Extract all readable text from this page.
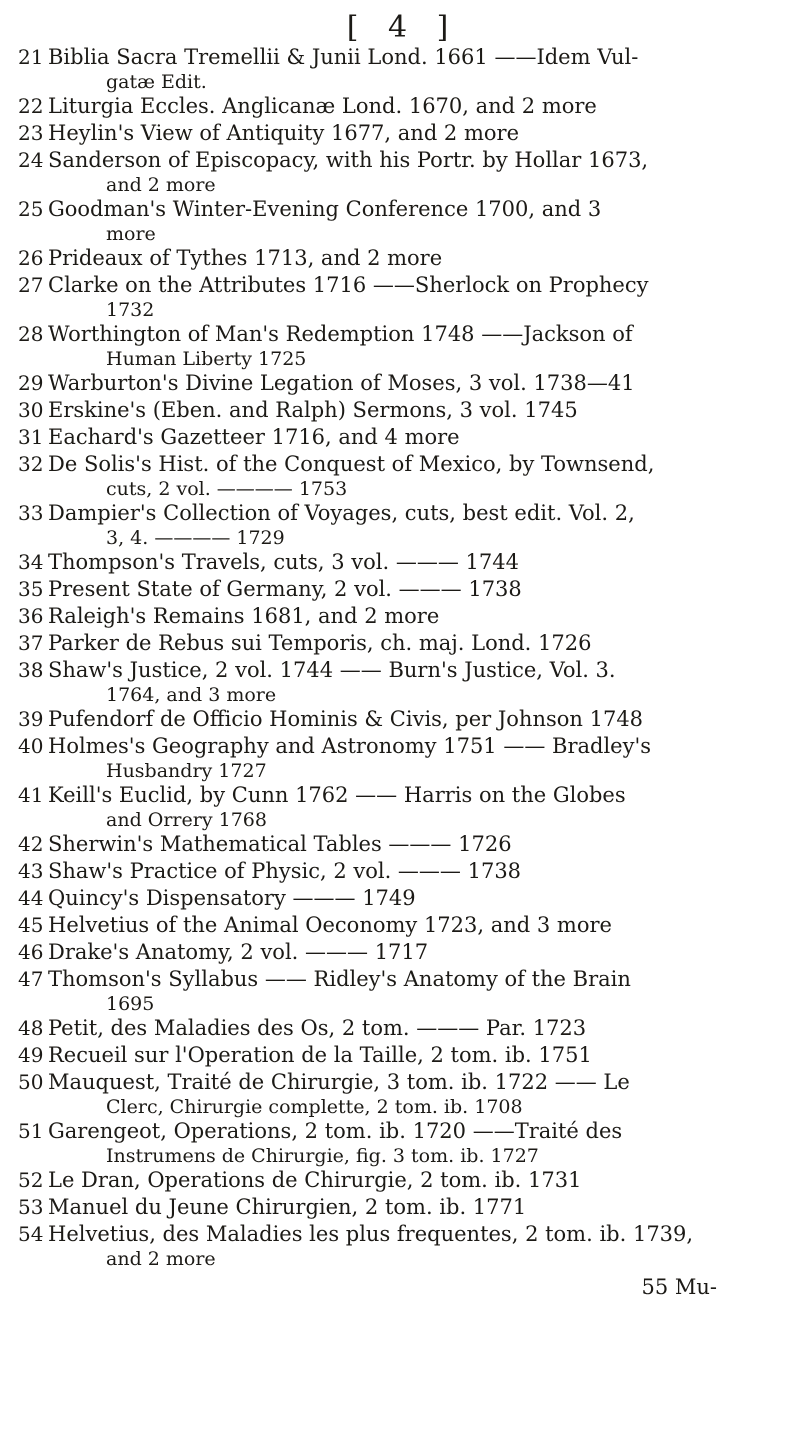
[ 4 ]
21 Biblia Sacra Tremellii & Junii Lond. 1661 ——Idem Vul-
gatæ Edit.
22 Liturgia Eccles. Anglicanæ Lond. 1670, and 2 more
23 Heylin's View of Antiquity 1677, and 2 more
24 Sanderson of Episcopacy, with his Portr. by Hollar 1673,
and 2 more
25 Goodman's Winter-Evening Conference 1700, and 3
more
26 Prideaux of Tythes 1713, and 2 more
27 Clarke on the Attributes 1716 ——Sherlock on Prophecy
1732
28 Worthington of Man's Redemption 1748 ——Jackson of
Human Liberty 1725
29 Warburton's Divine Legation of Moses, 3 vol. 1738—41
30 Erskine's (Eben. and Ralph) Sermons, 3 vol. 1745
31 Eachard's Gazetteer 1716, and 4 more
32 De Solis's Hist. of the Conquest of Mexico, by Townsend,
cuts, 2 vol. ———— 1753
33 Dampier's Collection of Voyages, cuts, best edit. Vol. 2,
3, 4. ———— 1729
34 Thompson's Travels, cuts, 3 vol. ——— 1744
35 Present State of Germany, 2 vol. ——— 1738
36 Raleigh's Remains 1681, and 2 more
37 Parker de Rebus sui Temporis, ch. maj. Lond. 1726
38 Shaw's Justice, 2 vol. 1744 —— Burn's Justice, Vol. 3.
1764, and 3 more
39 Pufendorf de Officio Hominis & Civis, per Johnson 1748
40 Holmes's Geography and Astronomy 1751 —— Bradley's
Husbandry 1727
41 Keill's Euclid, by Cunn 1762 —— Harris on the Globes
and Orrery 1768
42 Sherwin's Mathematical Tables ——— 1726
43 Shaw's Practice of Physic, 2 vol. ——— 1738
44 Quincy's Dispensatory ——— 1749
45 Helvetius of the Animal Oeconomy 1723, and 3 more
46 Drake's Anatomy, 2 vol. ——— 1717
47 Thomson's Syllabus —— Ridley's Anatomy of the Brain
1695
48 Petit, des Maladies des Os, 2 tom. ——— Par. 1723
49 Recueil sur l'Operation de la Taille, 2 tom. ib. 1751
50 Mauquest, Traité de Chirurgie, 3 tom. ib. 1722 —— Le
Clerc, Chirurgie complette, 2 tom. ib. 1708
51 Garengeot, Operations, 2 tom. ib. 1720 ——Traité des
Instrumens de Chirurgie, fig. 3 tom. ib. 1727
52 Le Dran, Operations de Chirurgie, 2 tom. ib. 1731
53 Manuel du Jeune Chirurgien, 2 tom. ib. 1771
54 Helvetius, des Maladies les plus frequentes, 2 tom. ib. 1739,
and 2 more
55 Mu-
